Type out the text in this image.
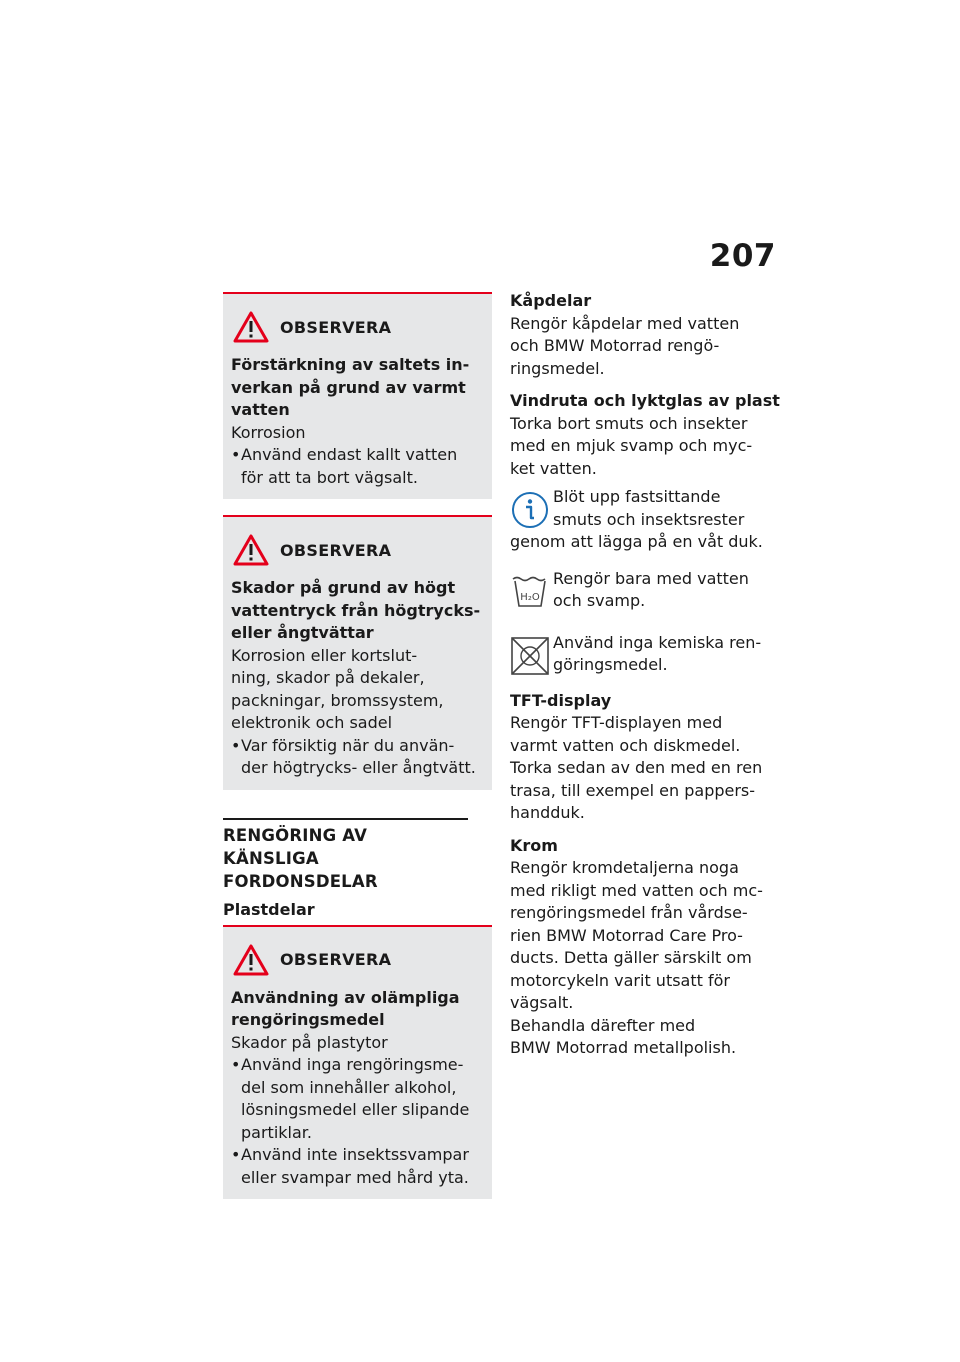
207
OBSERVERA
Förstärkning av saltets in-
verkan på grund av varmt
vatten
Korrosion
• Använd endast kallt vatten
för att ta bort vägsalt.
OBSERVERA
Skador på grund av högt
vattentryck från högtrycks-
eller ångtvättar
Korrosion eller kortslut-
ning, skador på dekaler,
packningar, bromssystem,
elektronik och sadel
• Var försiktig när du använ-
der högtrycks- eller ångtvätt.
RENGÖRING AV KÄNSLIGA
FORDONSDELAR
Plastdelar
OBSERVERA
Användning av olämpliga
rengöringsmedel
Skador på plastytor
• Använd inga rengöringsme-
del som innehåller alkohol,
lösningsmedel eller slipande
partiklar.
• Använd inte insektssvampar
eller svampar med hård yta.
Kåpdelar
Rengör kåpdelar med vatten
och BMW Motorrad rengö-
ringsmedel.
Vindruta och lyktglas av plast
Torka bort smuts och insekter
med en mjuk svamp och myc-
ket vatten.
Blöt upp fastsittande
smuts och insektsrester
genom att lägga på en våt duk.
H₂O
Rengör bara med vatten
och svamp.
Använd inga kemiska ren-
göringsmedel.
TFT-display
Rengör TFT-displayen med
varmt vatten och diskmedel.
Torka sedan av den med en ren
trasa, till exempel en pappers-
handduk.
Krom
Rengör kromdetaljerna noga
med rikligt med vatten och mc-
rengöringsmedel från vårdse-
rien BMW Motorrad Care Pro-
ducts. Detta gäller särskilt om
motorcykeln varit utsatt för
vägsalt.
Behandla därefter med
BMW Motorrad metallpolish.
